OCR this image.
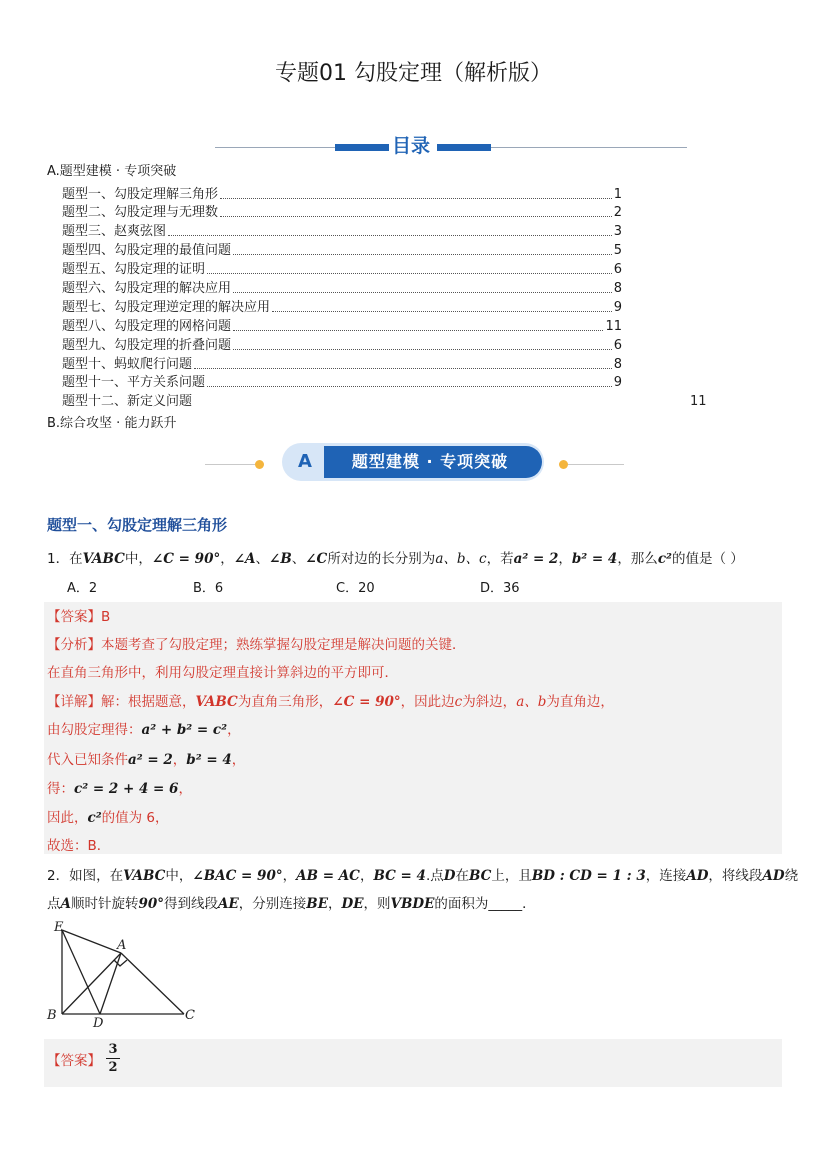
专题01 勾股定理（解析版）
目录
A.题型建模 · 专项突破
题型一、勾股定理解三角形	1
题型二、勾股定理与无理数	2
题型三、赵爽弦图	3
题型四、勾股定理的最值问题	5
题型五、勾股定理的证明	6
题型六、勾股定理的解决应用	8
题型七、勾股定理逆定理的解决应用	9
题型八、勾股定理的网格问题	11
题型九、勾股定理的折叠问题	6
题型十、蚂蚁爬行问题	8
题型十一、平方关系问题	9
题型十二、新定义问题	11
B.综合攻坚 · 能力跃升
A	题型建模 · 专项突破
题型一、勾股定理解三角形
1．在VABC中，∠C = 90°，∠A、∠B、∠C所对边的长分别为a、b、c，若a² = 2，b² = 4，那么c²的值是（ ）
A．2	B．6	C．20	D．36
【答案】B
【分析】本题考查了勾股定理；熟练掌握勾股定理是解决问题的关键．
在直角三角形中，利用勾股定理直接计算斜边的平方即可．
【详解】解：根据题意，VABC为直角三角形，∠C = 90°，因此边c为斜边，a、b为直角边，
由勾股定理得：a² + b² = c²，
代入已知条件a² = 2，b² = 4，
得：c² = 2 + 4 = 6，
因此，c²的值为 6，
故选：B．
2．如图，在VABC中，∠BAC = 90°，AB = AC，BC = 4.点D在BC上，且BD : CD = 1 : 3，连接AD，将线段AD绕
点A顺时针旋转90°得到线段AE，分别连接BE，DE，则VBDE的面积为_____．
E
A
B
D
C
【答案】
3
2
